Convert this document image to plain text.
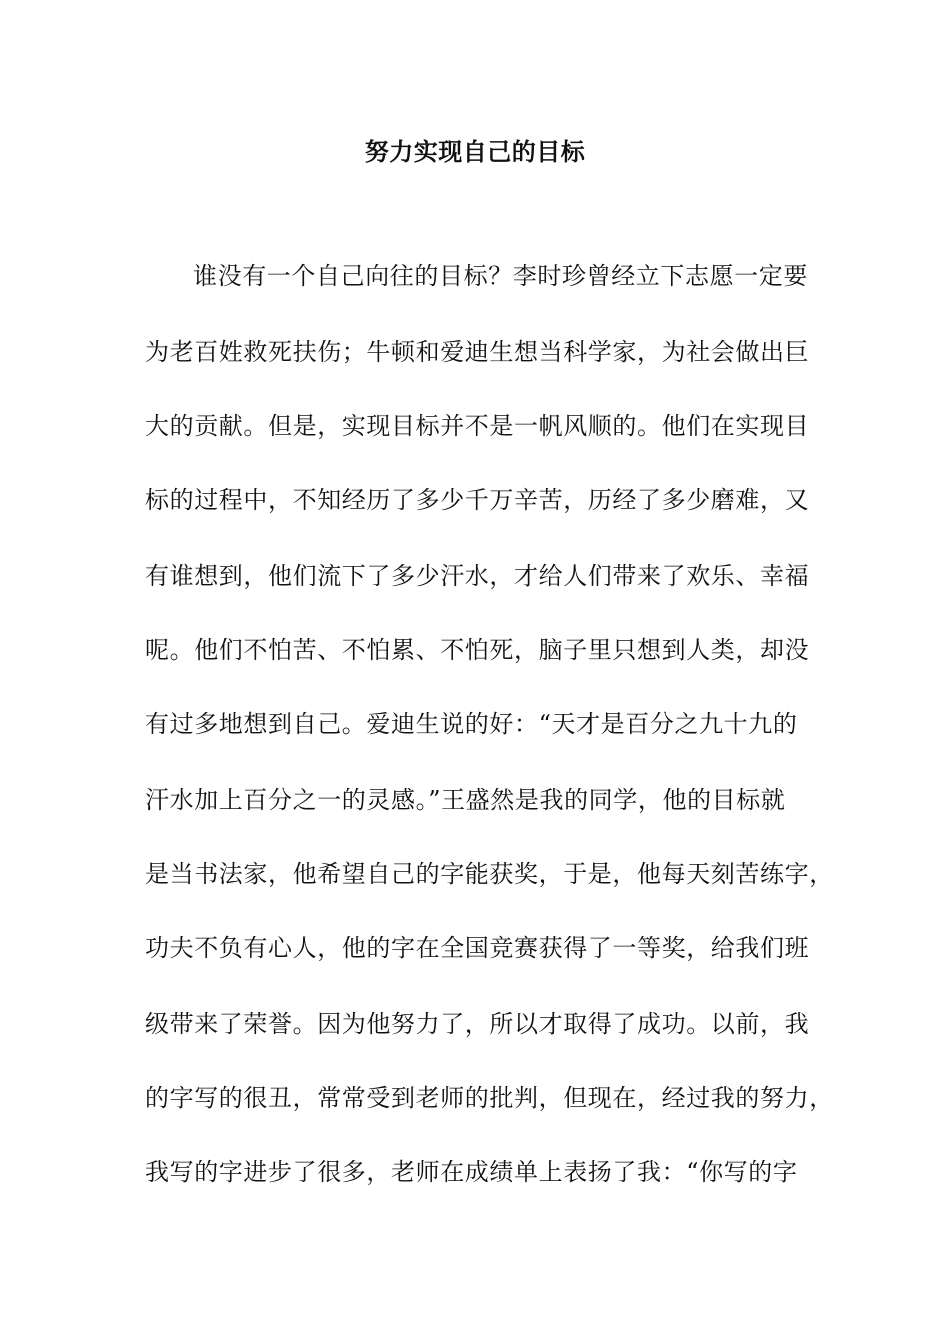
努力实现自己的目标
谁没有一个自己向往的目标？李时珍曾经立下志愿一定要
为老百姓救死扶伤；牛顿和爱迪生想当科学家，为社会做出巨
大的贡献。但是，实现目标并不是一帆风顺的。他们在实现目
标的过程中，不知经历了多少千万辛苦，历经了多少磨难，又
有谁想到，他们流下了多少汗水，才给人们带来了欢乐、幸福
呢。他们不怕苦、不怕累、不怕死，脑子里只想到人类，却没
有过多地想到自己。爱迪生说的好：“天才是百分之九十九的
汗水加上百分之一的灵感。”王盛然是我的同学，他的目标就
是当书法家，他希望自己的字能获奖，于是，他每天刻苦练字，
功夫不负有心人，他的字在全国竞赛获得了一等奖，给我们班
级带来了荣誉。因为他努力了，所以才取得了成功。以前，我
的字写的很丑，常常受到老师的批判，但现在，经过我的努力，
我写的字进步了很多，老师在成绩单上表扬了我：“你写的字
